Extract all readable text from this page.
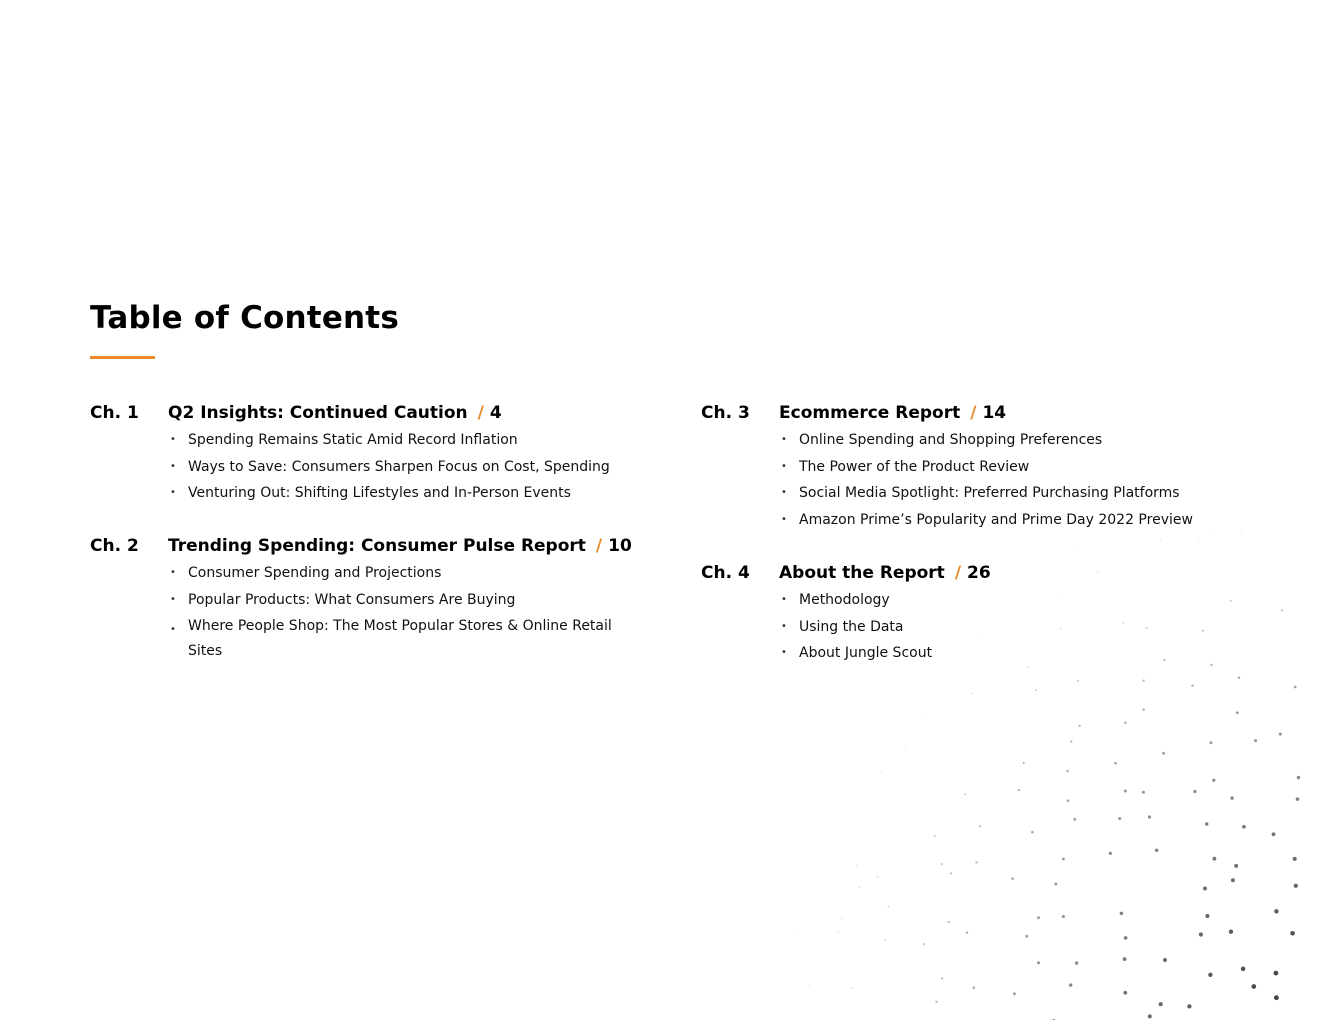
Table of Contents
Ch. 1 Q2 Insights: Continued Caution / 4
• Spending Remains Static Amid Record Inflation
• Ways to Save: Consumers Sharpen Focus on Cost, Spending
• Venturing Out: Shifting Lifestyles and In-Person Events
Ch. 2 Trending Spending: Consumer Pulse Report / 10
• Consumer Spending and Projections
• Popular Products: What Consumers Are Buying
• Where People Shop: The Most Popular Stores & Online Retail Sites
Ch. 3 Ecommerce Report / 14
• Online Spending and Shopping Preferences
• The Power of the Product Review
• Social Media Spotlight: Preferred Purchasing Platforms
• Amazon Prime’s Popularity and Prime Day 2022 Preview
Ch. 4 About the Report / 26
• Methodology
• Using the Data
• About Jungle Scout
